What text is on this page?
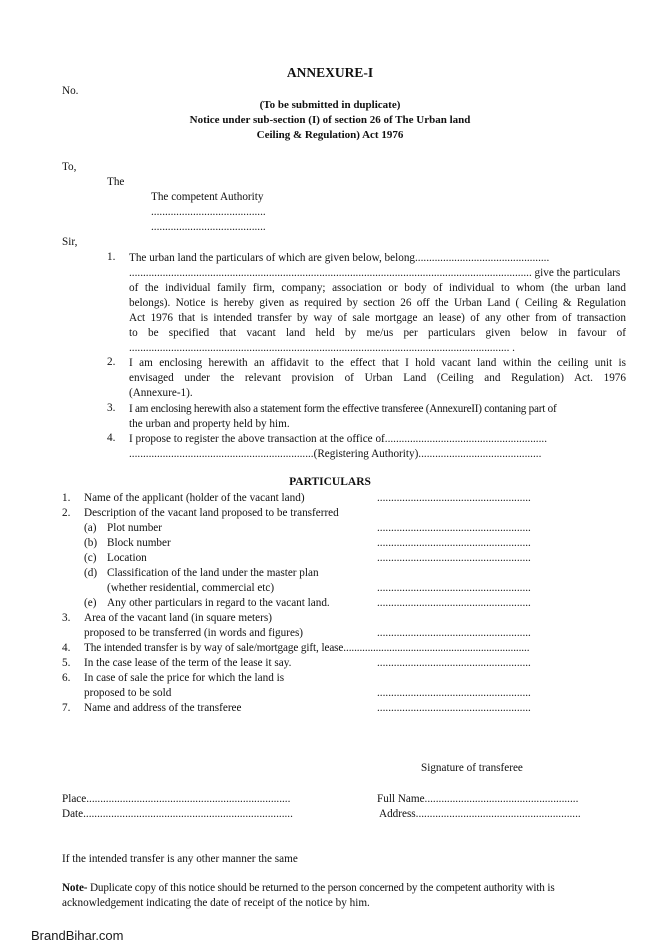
ANNEXURE-I
No.
(To be submitted in duplicate)
Notice under sub-section (I) of section 26 of The Urban land
Ceiling & Regulation) Act 1976
To,
The
The competent Authority
.........................................
.........................................
Sir,
1. The urban land the particulars of which are given below, belong................................................
................................................................................................................................................ give the particulars
of the individual family firm, company; association or body of individual to whom (the urban land
belongs). Notice is hereby given as required by section 26 off the Urban Land ( Ceiling & Regulation
Act 1976 that is intended transfer by way of sale mortgage an lease) of any other from of transaction
to be specified that vacant land held by me/us per particulars given below in favour of
........................................................................................................................................ .
2. I am enclosing herewith an affidavit to the effect that I hold vacant land within the ceiling unit is
envisaged under the relevant provision of Urban Land (Ceiling and Regulation) Act. 1976
(Annexure-1).
3. I am enclosing herewith also a statement form the effective transferee (AnnexureII) contaning part of
the urban and property held by him.
4. I propose to register the above transaction at the office of..........................................................
..................................................................(Registering Authority)............................................
PARTICULARS
1. Name of the applicant (holder of the vacant land)	.......................................................
2. Description of the vacant land proposed to be transferred
(a) Plot number	.......................................................
(b) Block number	.......................................................
(c) Location	.......................................................
(d) Classification of the land under the master plan
(whether residential, commercial etc)	.......................................................
(e) Any other particulars in regard to the vacant land.	.......................................................
3. Area of the vacant land (in square meters)
proposed to be transferred (in words and figures)	.......................................................
4. The intended transfer is by way of sale/mortgage gift, lease.....................................................................
5. In the case lease of the term of the lease it say.	.......................................................
6. In case of sale the price for which the land is
proposed to be sold	.......................................................
7. Name and address of the transferee	.......................................................
Signature of transferee
Place.........................................................................
Date...........................................................................
Full Name.......................................................
Address...........................................................
If the intended transfer is any other manner the same
Note- Duplicate copy of this notice should be returned to the person concerned by the competent authority with is
acknowledgement indicating the date of receipt of the notice by him.
BrandBihar.com
